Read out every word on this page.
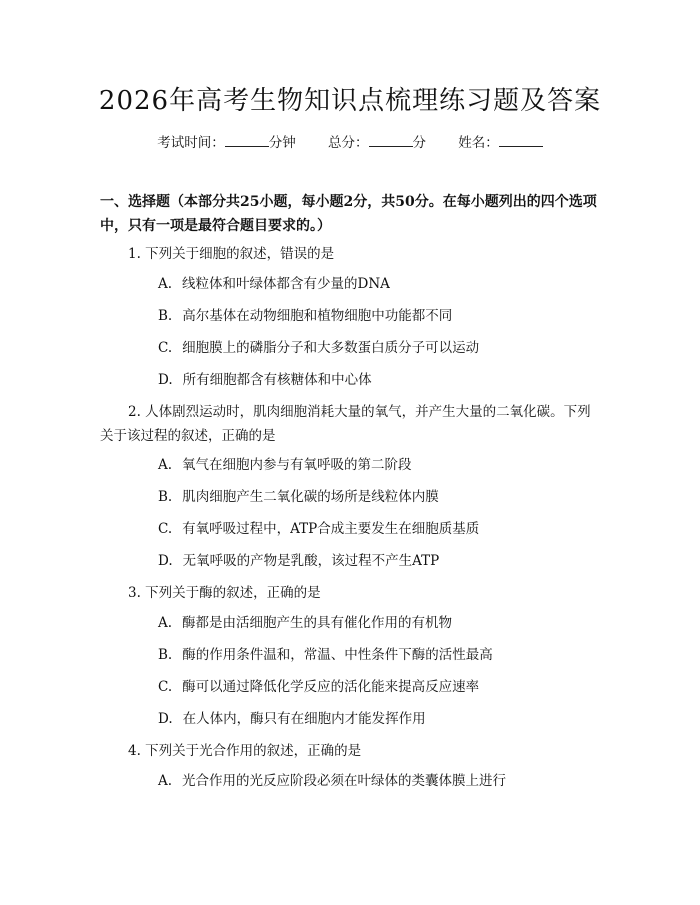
2026年高考生物知识点梳理练习题及答案
考试时间：	分钟 总分：	分 姓名：

一、选择题（本部分共25小题，每小题2分，共50分。在每小题列出的四个选项中，只有一项是最符合题目要求的。）

1. 下列关于细胞的叙述，错误的是

A. 线粒体和叶绿体都含有少量的DNA

B. 高尔基体在动物细胞和植物细胞中功能都不同

C. 细胞膜上的磷脂分子和大多数蛋白质分子可以运动

D. 所有细胞都含有核糖体和中心体

2. 人体剧烈运动时，肌肉细胞消耗大量的氧气，并产生大量的二氧化碳。下列关于该过程的叙述，正确的是

A. 氧气在细胞内参与有氧呼吸的第二阶段

B. 肌肉细胞产生二氧化碳的场所是线粒体内膜

C. 有氧呼吸过程中，ATP合成主要发生在细胞质基质

D. 无氧呼吸的产物是乳酸，该过程不产生ATP

3. 下列关于酶的叙述，正确的是

A. 酶都是由活细胞产生的具有催化作用的有机物

B. 酶的作用条件温和，常温、中性条件下酶的活性最高

C. 酶可以通过降低化学反应的活化能来提高反应速率

D. 在人体内，酶只有在细胞内才能发挥作用

4. 下列关于光合作用的叙述，正确的是

A. 光合作用的光反应阶段必须在叶绿体的类囊体膜上进行
